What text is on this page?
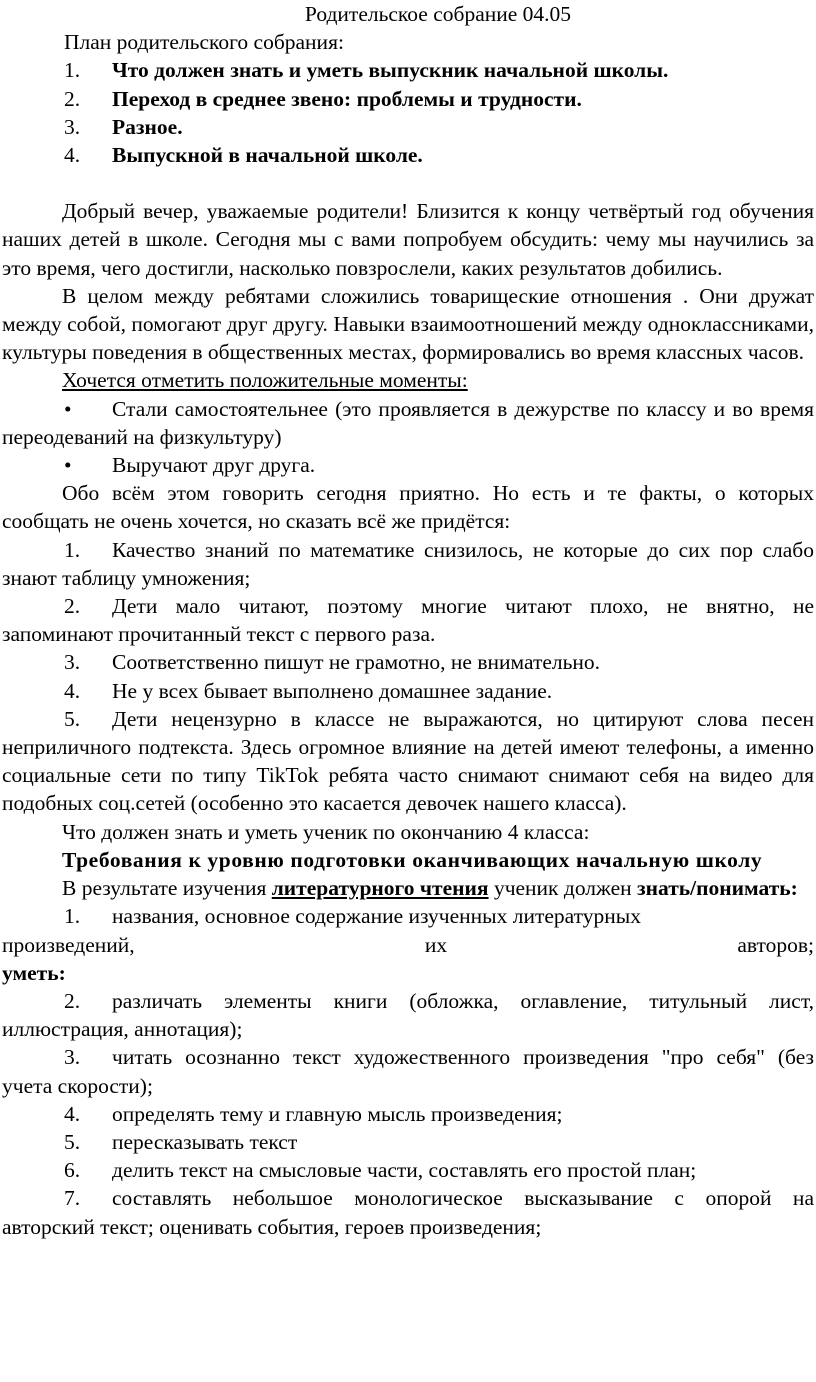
Родительское собрание 04.05
План родительского собрания:
1.	Что должен знать и уметь выпускник начальной школы.
2.	Переход в среднее звено: проблемы и трудности.
3.	Разное.
4.	Выпускной в начальной школе.

Добрый вечер, уважаемые родители! Близится к концу четвёртый год обучения наших детей в школе. Сегодня мы с вами попробуем обсудить: чему мы научились за это время, чего достигли, насколько повзрослели, каких результатов добились.

В целом между ребятами сложились товарищеские отношения . Они дружат между собой, помогают друг другу. Навыки взаимоотношений между одноклассниками, культуры поведения в общественных местах, формировались во время классных часов.

Хочется отметить положительные моменты:

• Стали самостоятельнее (это проявляется в дежурстве по классу и во время переодеваний на физкультуру)

• Выручают друг друга.

Обо всём этом говорить сегодня приятно. Но есть и те факты, о которых сообщать не очень хочется, но сказать всё же придётся:

1. Качество знаний по математике снизилось, не которые до сих пор слабо знают таблицу умножения;

2. Дети мало читают, поэтому многие читают плохо, не внятно, не запоминают прочитанный текст с первого раза.

3. Соответственно пишут не грамотно, не внимательно.

4. Не у всех бывает выполнено домашнее задание.

5. Дети нецензурно в классе не выражаются, но цитируют слова песен неприличного подтекста. Здесь огромное влияние на детей имеют телефоны, а именно социальные сети по типу TikTok ребята часто снимают снимают себя на видео для подобных соц.сетей (особенно это касается девочек нашего класса).

Что должен знать и уметь ученик по окончанию 4 класса:

Требования к уровню подготовки оканчивающих начальную школу

В результате изучения литературного чтения ученик должен знать/понимать:

1. названия, основное содержание изученных литературных
произведений,	их	авторов;
уметь:

2. различать элементы книги (обложка, оглавление, титульный лист, иллюстрация, аннотация);

3. читать осознанно текст художественного произведения "про себя" (без учета скорости);

4. определять тему и главную мысль произведения;

5. пересказывать текст

6. делить текст на смысловые части, составлять его простой план;

7. составлять небольшое монологическое высказывание с опорой на авторский текст; оценивать события, героев произведения;
